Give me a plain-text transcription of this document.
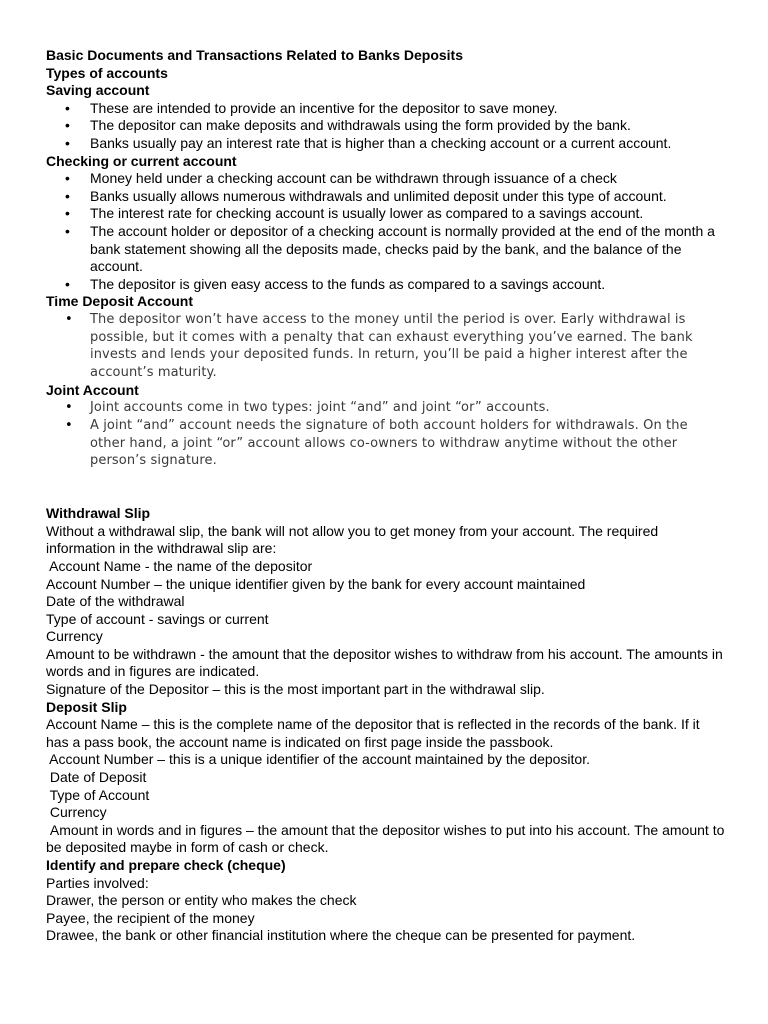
Basic Documents and Transactions Related to Banks Deposits

Types of accounts

Saving account

• These are intended to provide an incentive for the depositor to save money.
• The depositor can make deposits and withdrawals using the form provided by the bank.
• Banks usually pay an interest rate that is higher than a checking account or a current account.

Checking or current account

• Money held under a checking account can be withdrawn through issuance of a check
• Banks usually allows numerous withdrawals and unlimited deposit under this type of account.
• The interest rate for checking account is usually lower as compared to a savings account.
• The account holder or depositor of a checking account is normally provided at the end of the month a bank statement showing all the deposits made, checks paid by the bank, and the balance of the account.
• The depositor is given easy access to the funds as compared to a savings account.

Time Deposit Account

• The depositor won’t have access to the money until the period is over. Early withdrawal is possible, but it comes with a penalty that can exhaust everything you’ve earned. The bank invests and lends your deposited funds. In return, you’ll be paid a higher interest after the account’s maturity.

Joint Account

• Joint accounts come in two types: joint “and” and joint “or” accounts.
• A joint “and” account needs the signature of both account holders for withdrawals. On the other hand, a joint “or” account allows co-owners to withdraw anytime without the other person’s signature.

Withdrawal Slip

Without a withdrawal slip, the bank will not allow you to get money from your account. The required information in the withdrawal slip are:

Account Name - the name of the depositor

Account Number – the unique identifier given by the bank for every account maintained

Date of the withdrawal

Type of account - savings or current

Currency

Amount to be withdrawn - the amount that the depositor wishes to withdraw from his account. The amounts in words and in figures are indicated.

Signature of the Depositor – this is the most important part in the withdrawal slip.

Deposit Slip

Account Name – this is the complete name of the depositor that is reflected in the records of the bank. If it has a pass book, the account name is indicated on first page inside the passbook.

Account Number – this is a unique identifier of the account maintained by the depositor.

Date of Deposit

Type of Account

Currency

Amount in words and in figures – the amount that the depositor wishes to put into his account. The amount to be deposited maybe in form of cash or check.

Identify and prepare check (cheque)

Parties involved:

Drawer, the person or entity who makes the check

Payee, the recipient of the money

Drawee, the bank or other financial institution where the cheque can be presented for payment.
